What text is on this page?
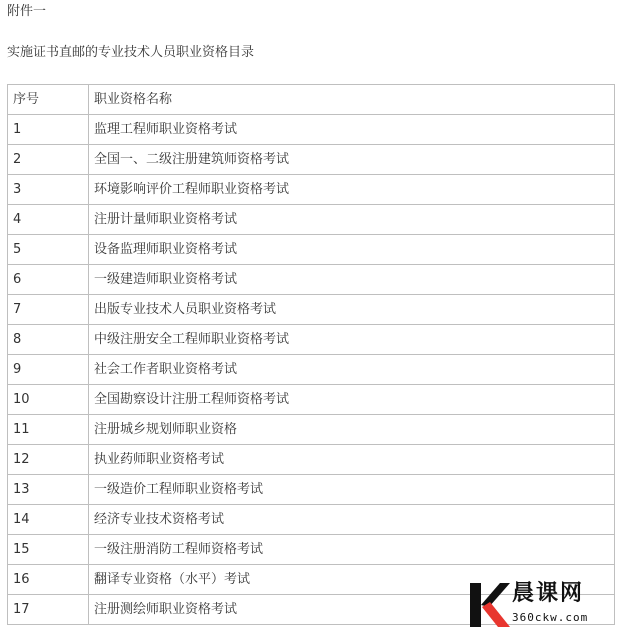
附件一
实施证书直邮的专业技术人员职业资格目录
序号	职业资格名称
1	监理工程师职业资格考试
2	全国一、二级注册建筑师资格考试
3	环境影响评价工程师职业资格考试
4	注册计量师职业资格考试
5	设备监理师职业资格考试
6	一级建造师职业资格考试
7	出版专业技术人员职业资格考试
8	中级注册安全工程师职业资格考试
9	社会工作者职业资格考试
10	全国勘察设计注册工程师资格考试
11	注册城乡规划师职业资格
12	执业药师职业资格考试
13	一级造价工程师职业资格考试
14	经济专业技术资格考试
15	一级注册消防工程师资格考试
16	翻译专业资格（水平）考试
17	注册测绘师职业资格考试
晨课网
360ckw.com
